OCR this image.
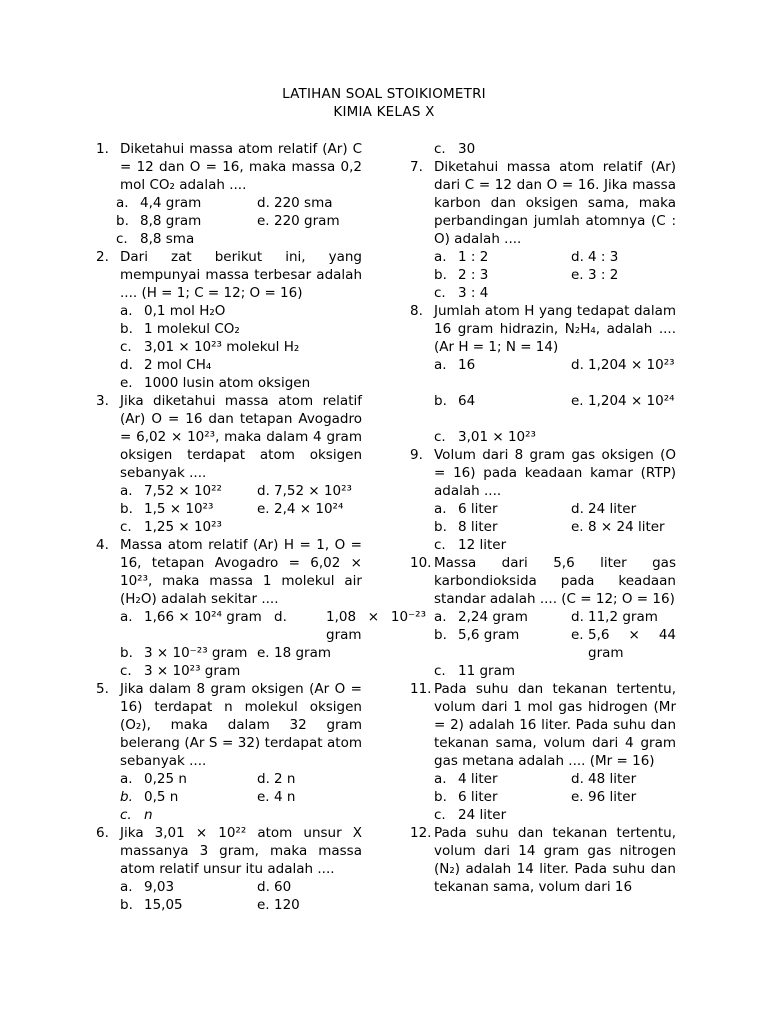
LATIHAN SOAL STOIKIOMETRI
KIMIA KELAS X
1. Diketahui massa atom relatif (Ar) C = 12 dan O = 16, maka massa 0,2 mol CO₂ adalah ....
a. 4,4 gram	d. 220 sma
b. 8,8 gram	e. 220 gram
c. 8,8 sma
2. Dari zat berikut ini, yang mempunyai massa terbesar adalah .... (H = 1; C = 12; O = 16)
a. 0,1 mol H₂O
b. 1 molekul CO₂
c. 3,01 × 10²³ molekul H₂
d. 2 mol CH₄
e. 1000 lusin atom oksigen
3. Jika diketahui massa atom relatif (Ar) O = 16 dan tetapan Avogadro = 6,02 × 10²³, maka dalam 4 gram oksigen terdapat atom oksigen sebanyak ....
a. 7,52 × 10²²	d. 7,52 × 10²³
b. 1,5 × 10²³	e. 2,4 × 10²⁴
c. 1,25 × 10²³
4. Massa atom relatif (Ar) H = 1, O = 16, tetapan Avogadro = 6,02 × 10²³, maka massa 1 molekul air (H₂O) adalah sekitar ....
a. 1,66 × 10²⁴ gram d.	1,08 × 10⁻²³ gram
b. 3 × 10⁻²³ gram e. 18 gram
c. 3 × 10²³ gram
5. Jika dalam 8 gram oksigen (Ar O = 16) terdapat n molekul oksigen (O₂), maka dalam 32 gram belerang (Ar S = 32) terdapat atom sebanyak ....
a. 0,25 n	d. 2 n
b. 0,5 n	e. 4 n
c. n
6. Jika 3,01 × 10²² atom unsur X massanya 3 gram, maka massa atom relatif unsur itu adalah ....
a. 9,03	d. 60
b. 15,05	e. 120
c. 30
7. Diketahui massa atom relatif (Ar) dari C = 12 dan O = 16. Jika massa karbon dan oksigen sama, maka perbandingan jumlah atomnya (C : O) adalah ....
a. 1 : 2	d. 4 : 3
b. 2 : 3	e. 3 : 2
c. 3 : 4
8. Jumlah atom H yang tedapat dalam 16 gram hidrazin, N₂H₄, adalah .... (Ar H = 1; N = 14)
a. 16	d. 1,204 × 10²³
b. 64	e. 1,204 × 10²⁴
c. 3,01 × 10²³
9. Volum dari 8 gram gas oksigen (O = 16) pada keadaan kamar (RTP) adalah ....
a. 6 liter	d. 24 liter
b. 8 liter	e. 8 × 24 liter
c. 12 liter
10. Massa dari 5,6 liter gas karbondioksida pada keadaan standar adalah .... (C = 12; O = 16)
a. 2,24 gram	d. 11,2 gram
b. 5,6 gram	e. 5,6 × 44 gram
c. 11 gram
11. Pada suhu dan tekanan tertentu, volum dari 1 mol gas hidrogen (Mr = 2) adalah 16 liter. Pada suhu dan tekanan sama, volum dari 4 gram gas metana adalah .... (Mr = 16)
a. 4 liter	d. 48 liter
b. 6 liter	e. 96 liter
c. 24 liter
12. Pada suhu dan tekanan tertentu, volum dari 14 gram gas nitrogen (N₂) adalah 14 liter. Pada suhu dan tekanan sama, volum dari 16
